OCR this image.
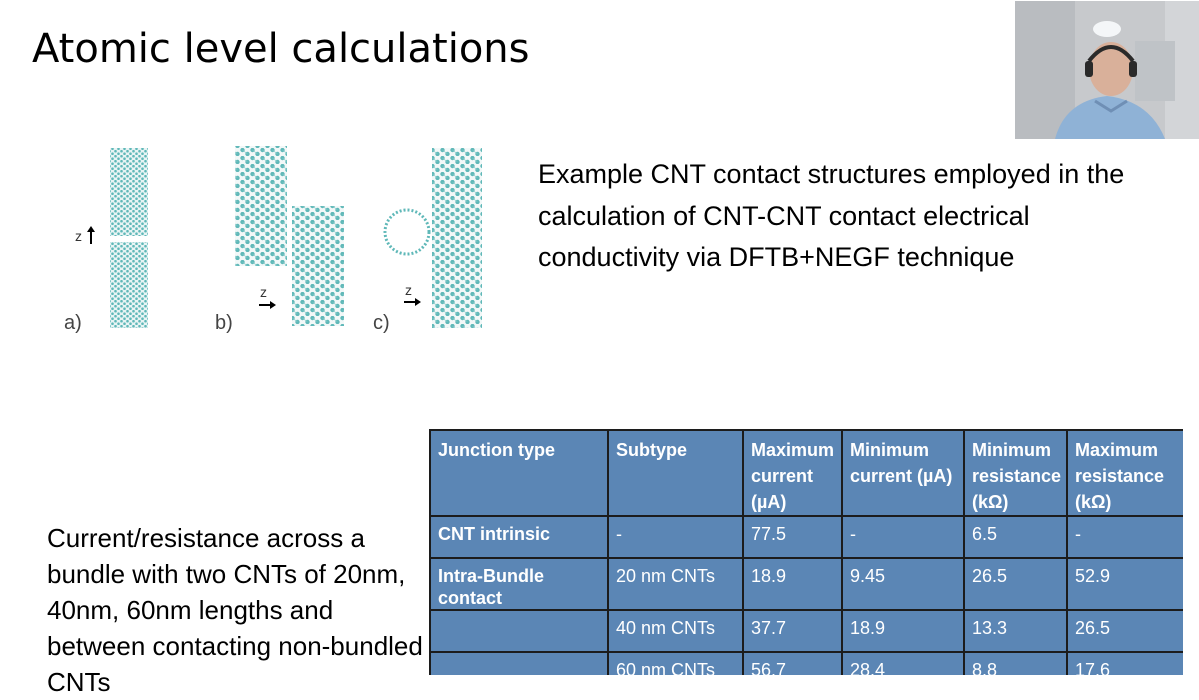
Atomic level calculations
a)	b)	c)
z
z	z
Example CNT contact structures employed in the calculation of CNT-CNT contact electrical conductivity via DFTB+NEGF technique
Current/resistance across a bundle with two CNTs of 20nm, 40nm, 60nm lengths and between contacting non-bundled CNTs
Junction type	Subtype	Maximum current (µA)	Minimum current (µA)	Minimum resistance (kΩ)	Maximum resistance (kΩ)
CNT intrinsic	-	77.5	-	6.5	-
Intra-Bundle contact	20 nm CNTs	18.9	9.45	26.5	52.9
	40 nm CNTs	37.7	18.9	13.3	26.5
	60 nm CNTs	56.7	28.4	8.8	17.6
